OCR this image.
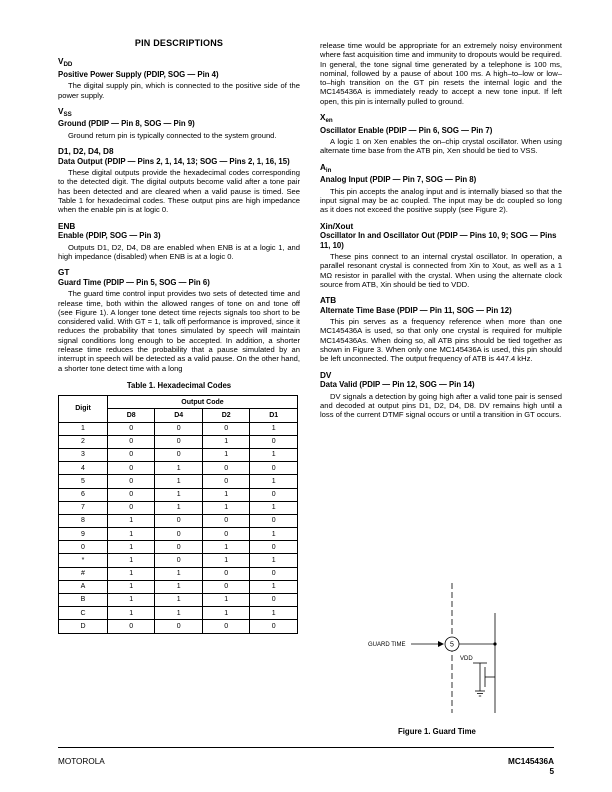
PIN DESCRIPTIONS
$V_{DD}$
Positive Power Supply (PDIP, SOG — Pin 4)

The digital supply pin, which is connected to the positive side of the power supply.

$V_{SS}$
Ground (PDIP — Pin 8, SOG — Pin 9)

Ground return pin is typically connected to the system ground.

D1, D2, D4, D8
Data Output (PDIP — Pins 2, 1, 14, 13; SOG — Pins 2, 1, 16, 15)

These digital outputs provide the hexadecimal codes corresponding to the detected digit. The digital outputs become valid after a tone pair has been detected and are cleared when a valid pause is timed. See Table 1 for hexadecimal codes. These output pins are high impedance when the enable pin is at logic 0.

ENB
Enable (PDIP, SOG — Pin 3)

Outputs D1, D2, D4, D8 are enabled when ENB is at a logic 1, and high impedance (disabled) when ENB is at a logic 0.

GT
Guard Time (PDIP — Pin 5, SOG — Pin 6)

The guard time control input provides two sets of detected time and release time, both within the allowed ranges of tone on and tone off (see Figure 1). A longer tone detect time rejects signals too short to be considered valid. With GT = 1, talk off performance is improved, since it reduces the probability that tones simulated by speech will maintain signal conditions long enough to be accepted. In addition, a shorter release time reduces the probability that a pause simulated by an interrupt in speech will be detected as a valid pause. On the other hand, a shorter tone detect time with a long

Table 1. Hexadecimal Codes
Digit	Output Code			
	D8	D4	D2	D1
1	0	0	0	1
2	0	0	1	0
3	0	0	1	1
4	0	1	0	0
5	0	1	0	1
6	0	1	1	0
7	0	1	1	1
8	1	0	0	0
9	1	0	0	1
0	1	0	1	0
*	1	0	1	1
#	1	1	0	0
A	1	1	0	1
B	1	1	1	0
C	1	1	1	1
D	0	0	0	0

release time would be appropriate for an extremely noisy environment where fast acquisition time and immunity to dropouts would be required. In general, the tone signal time generated by a telephone is 100 ms, nominal, followed by a pause of about 100 ms. A high–to–low or low–to–high transition on the GT pin resets the internal logic and the MC145436A is immediately ready to accept a new tone input. If left open, this pin is internally pulled to ground.

$X_{en}$
Oscillator Enable (PDIP — Pin 6, SOG — Pin 7)

A logic 1 on Xen enables the on–chip crystal oscillator. When using alternate time base from the ATB pin, Xen should be tied to VSS.

$A_{in}$
Analog Input (PDIP — Pin 7, SOG — Pin 8)

This pin accepts the analog input and is internally biased so that the input signal may be ac coupled. The input may be dc coupled so long as it does not exceed the positive supply (see Figure 2).

Xin/Xout
Oscillator In and Oscillator Out (PDIP — Pins 10, 9; SOG — Pins 11, 10)

These pins connect to an internal crystal oscillator. In operation, a parallel resonant crystal is connected from Xin to Xout, as well as a 1 MΩ resistor in parallel with the crystal. When using the alternate clock source from ATB, Xin should be tied to VDD.

ATB
Alternate Time Base (PDIP — Pin 11, SOG — Pin 12)

This pin serves as a frequency reference when more than one MC145436A is used, so that only one crystal is required for multiple MC145436As. When doing so, all ATB pins should be tied together as shown in Figure 3. When only one MC145436A is used, this pin should be left unconnected. The output frequency of ATB is 447.4 kHz.

DV
Data Valid (PDIP — Pin 12, SOG — Pin 14)

DV signals a detection by going high after a valid tone pair is sensed and decoded at output pins D1, D2, D4, D8. DV remains high until a loss of the current DTMF signal occurs or until a transition in GT occurs.

GUARD TIME	5
VDD
Figure 1. Guard Time
MOTOROLA	MC145436A
5
